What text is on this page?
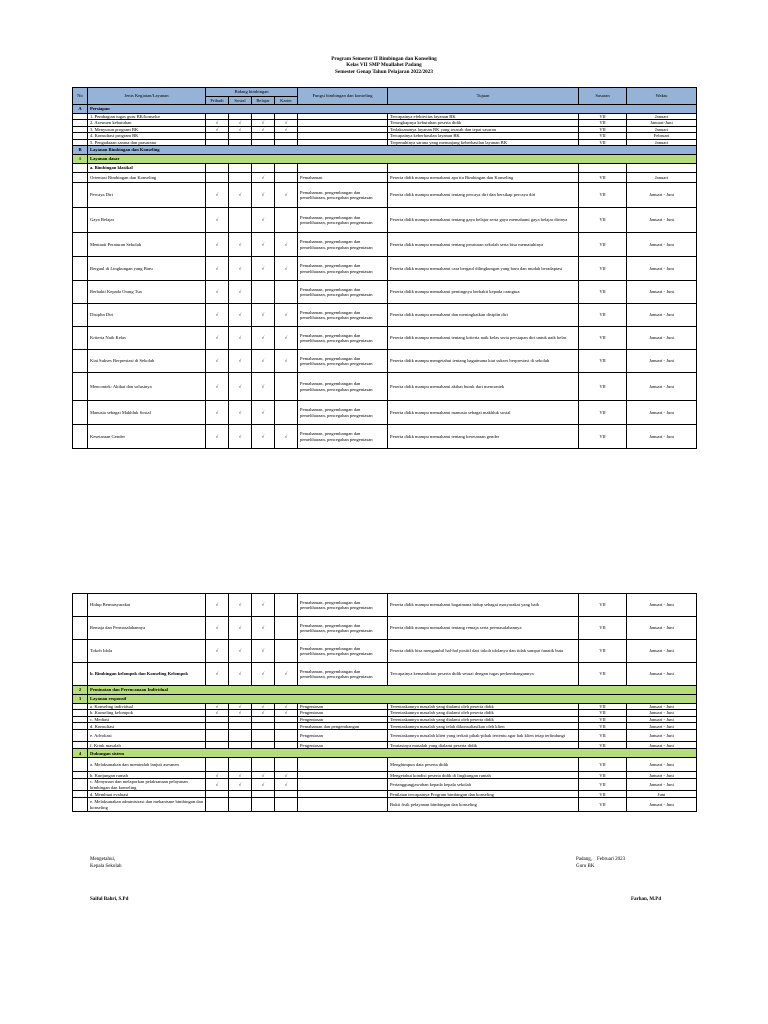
Program Semester II Bimbingan dan Konseling
Kelas VII SMP Muallahet Padang
Semester Genap Tahun Pelajaran 2022/2023
No	Jenis Kegiatan/Layanan	Bidang bimbingan				Fungsi bimbingan dan konseling	Tujuan	Sasaran	Waktu
		Pribadi	Sosial	Belajar	Karier				
A	Persiapan								
	1. Pembagian tugas guru BK/konselor						Tercapainya efektivitas layanan BK	VII	Januari
	2. Asesmen kebutuhan	√	√	√	√		Terungkapnya kebutuhan peserta didik	VII	Januari-Juni
	3. Menyusun program BK	√	√	√	√		Terlaksananya layanan BK yang terarah dan tepat sasaran	VII	Januari
	4. Konsultasi program BK						Tercapainya keberhasilan layanan BK	VII	Februari
	5. Pengadaaan sarana dan prasarana						Terpenuhinya sarana yang menunjang keberhasilan layanan BK	VII	Januari
B	Layanan Bimbingan dan Konseling								
1	Layanan dasar								
	a. Bimbingan klasikal								
	Orientasi Bimbingan dan Konseling			√		Pemahaman	Peserta didik mampu memahami apa itu Bimbingan dan Konseling	VII	Januari
	Percaya Diri	√	√	√	√	Pemahaman, pengembangan dan pemeliharaan, pencegahan pengentasan	Peserta didik mampu memahami tentang percaya diri dan bersikap percaya diri	VII	Januari - Juni
	Gaya Belajar	√		√		Pemahaman, pengembangan dan pemeliharaan, pencegahan pengentasan	Peserta didik mampu memahami tentang gaya belajar serta gaya memahami gaya belajar dirinya	VII	Januari - Juni
	Mentaati Peraturan Sekolah	√	√	√	√	Pemahaman, pengembangan dan pemeliharaan, pencegahan pengentasan	Peserta didik mampu memahami tentang peraturan sekolah serta bisa mematuhinya	VII	Januari - Juni
	Bergaul di Lingkungan yang Baru	√	√	√	√	Pemahaman, pengembangan dan pemeliharaan, pencegahan pengentasan	Peserta didik mampu memahami cara bergaul dilingkungan yang baru dan mudah beradaptasi	VII	Januari - Juni
	Berbakti Kepada Orang Tua	√	√			Pemahaman, pengembangan dan pemeliharaan, pencegahan pengentasan	Peserta didik mampu memahami pentingnya berbakti kepada orangtua	VII	Januari - Juni
	Disiplin Diri	√	√	√	√	Pemahaman, pengembangan dan pemeliharaan, pencegahan pengentasan	Peserta didik mampu memahami dan meningkatkan disiplin diri	VII	Januari - Juni
	Kriteria Naik Kelas	√	√	√	√	Pemahaman, pengembangan dan pemeliharaan, pencegahan pengentasan	Peserta didik mampu memahami tentang kriteria naik kelas serta persiapan diri untuk naik kelas	VII	Januari - Juni
	Kiat Sukses Berprestasi di Sekolah	√	√	√	√	Pemahaman, pengembangan dan pemeliharaan, pencegahan pengentasan	Peserta didik mampu mengetahui tentang bagaimana kiat sukses berprestasi di sekolah	VII	Januari - Juni
	Mencontek: Akibat dan solusinya	√	√	√		Pemahaman, pengembangan dan pemeliharaan, pencegahan pengentasan	Peserta didik mampu memahami akibat buruk dari mencontek	VII	Januari - Juni
	Manusia sebagai Makhluk Sosial	√	√	√		Pemahaman, pengembangan dan pemeliharaan, pencegahan pengentasan	Peserta didik mampu memahami manusia sebagai makhluk sosial	VII	Januari - Juni
	Kesetaraan Gender	√	√	√	√	Pemahaman, pengembangan dan pemeliharaan, pencegahan pengentasan	Peserta didik mampu memahami tentang kesetaraan gender	VII	Januari - Juni
	Hidup Bermasyarakat	√	√	√		Pemahaman, pengembangan dan pemeliharaan, pencegahan pengentasan	Peserta didik mampu memahami bagaimana hidup sebagai masyarakat yang baik	VII	Januari - Juni
	Remaja dan Permasalahannya	√	√	√		Pemahaman, pengembangan dan pemeliharaan, pencegahan pengentasan	Peserta didik mampu memahami tentang remaja serta permasalahannya	VII	Januari - Juni
	Tokoh Idola	√	√	√		Pemahaman, pengembangan dan pemeliharaan, pencegahan pengentasan	Peserta didik bisa mengambil hal-hal positif dari tokoh idolanya dan tidak sampai fanatik buta	VII	Januari - Juni
	b. Bimbingan kelompok dan Konseling Kelompok	√	√	√	√	Pemahaman, pengembangan dan pemeliharaan, pencegahan pengentasan	Tercapainya kemandirian peserta didik sesuai dengan tugas perkembangannya	VII	Januari - Juni
2	Peminatan dan Perencanaan Individual								
3	Layanan responsif								
	a. Konseling individual	√	√	√	√	Pengentasan	Terentaskannya masalah yang dialami oleh peserta didik	VII	Januari - Juni
	b. Konseling kelompok	√	√	√	√	Pengentasan	Terentaskannya masalah yang dialami oleh peserta didik	VII	Januari - Juni
	c. Mediasi					Pengentasan	Terentaskannya masalah yang dialami oleh peserta didik	VII	Januari - Juni
	d. Konsultasi					Pemahaman dan pengembangan	Terentaskannya masalah yang telah dikonsultasikan oleh klien	VII	Januari - Juni
	e. Advokasi					Pengentasan	Terentaskannya masalah klien yang terkait pihak-pihak tertentu agar hak klien tetap terlindungi	VII	Januari - Juni
	f. Kriuk masalah					Pengentasan	Teratasinya masalah yang dialami peserta didik	VII	Januari - Juni
4	Dukungan sistem								
	a. Melaksanakan dan memindah lanjuti asesmen						Menghimpun data peserta didik	VII	Januari - Juni
	b. Kunjungan rumah	√	√	√	√		Mengetahui kondisi peserta didik di lingkungan rumah	VII	Januari - Juni
	c. Menyusun dan melaporkan pelaksanaan pelayanan bimbingan dan konseling	√	√	√	√		Pertanggungjawaban kepada kepala sekolah	VII	Januari - Juni
	d. Membuat evaluasi						Penilaian tercapainya Program bimbingan dan konseling	VII	Juni
	e. Melaksanakan administrasi dan mekanisme bimbingan dan konseling						Bukti fisik pelayanan bimbingan dan konseling	VII	Januari - Juni
Mengetahui,
Kepala Sekolah
Saiful Bahri, S.Pd
Padang, Februari 2023
Guru BK
Farhan, M.Pd
